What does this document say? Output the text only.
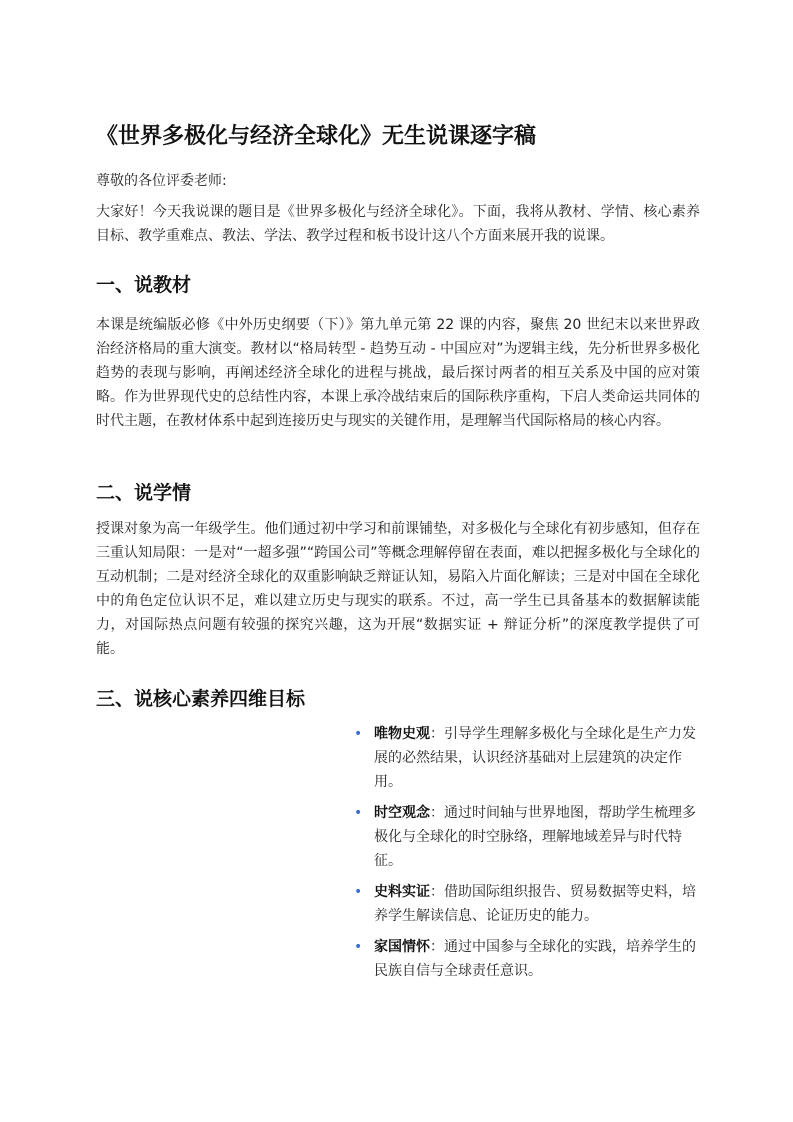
《世界多极化与经济全球化》无生说课逐字稿

尊敬的各位评委老师:

大家好！今天我说课的题目是《世界多极化与经济全球化》。下面，我将从教材、学情、核心素养目标、教学重难点、教法、学法、教学过程和板书设计这八个方面来展开我的说课。

一、说教材

本课是统编版必修《中外历史纲要（下）》第九单元第 22 课的内容，聚焦 20 世纪末以来世界政治经济格局的重大演变。教材以“格局转型 - 趋势互动 - 中国应对”为逻辑主线，先分析世界多极化趋势的表现与影响，再阐述经济全球化的进程与挑战，最后探讨两者的相互关系及中国的应对策略。作为世界现代史的总结性内容，本课上承冷战结束后的国际秩序重构，下启人类命运共同体的时代主题，在教材体系中起到连接历史与现实的关键作用，是理解当代国际格局的核心内容。

二、说学情

授课对象为高一年级学生。他们通过初中学习和前课铺垫，对多极化与全球化有初步感知，但存在三重认知局限：一是对“一超多强”“跨国公司”等概念理解停留在表面，难以把握多极化与全球化的互动机制；二是对经济全球化的双重影响缺乏辩证认知，易陷入片面化解读；三是对中国在全球化中的角色定位认识不足，难以建立历史与现实的联系。不过，高一学生已具备基本的数据解读能力，对国际热点问题有较强的探究兴趣，这为开展“数据实证 + 辩证分析”的深度教学提供了可能。

三、说核心素养四维目标
• 唯物史观：引导学生理解多极化与全球化是生产力发展的必然结果，认识经济基础对上层建筑的决定作用。
• 时空观念：通过时间轴与世界地图，帮助学生梳理多极化与全球化的时空脉络，理解地域差异与时代特征。
• 史料实证：借助国际组织报告、贸易数据等史料，培养学生解读信息、论证历史的能力。
• 家国情怀：通过中国参与全球化的实践，培养学生的民族自信与全球责任意识。
